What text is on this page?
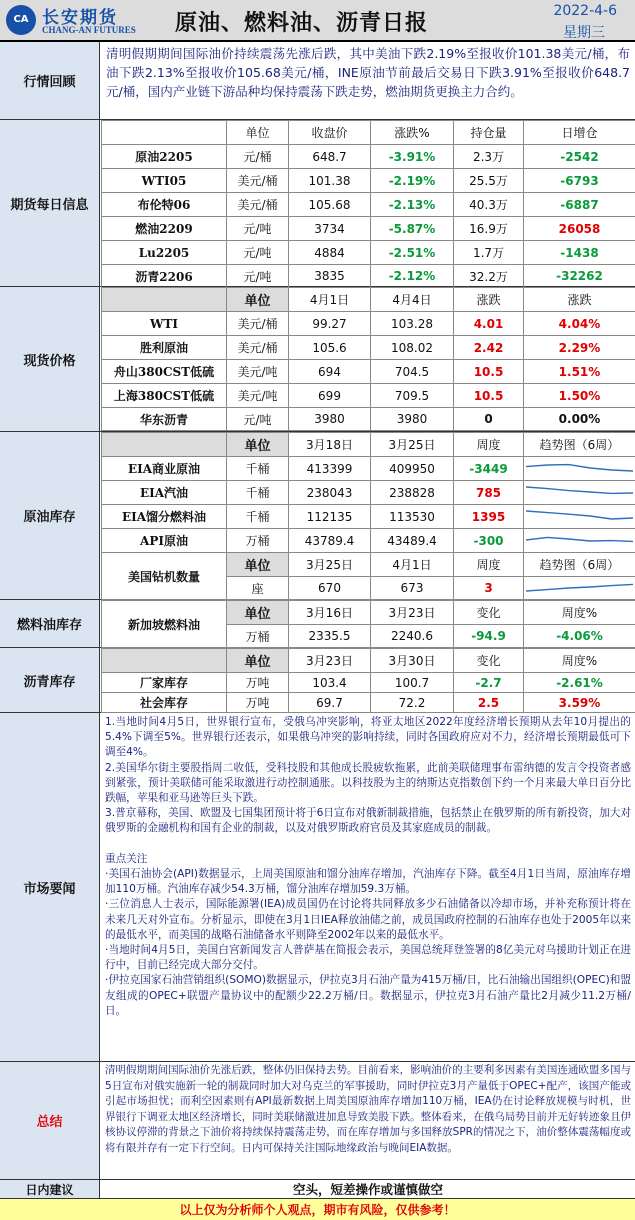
CA 长安期货
CHANG-AN FUTURES 原油、燃料油、沥青日报	2022-4-6
星期三
行情回顾
清明假期期间国际油价持续震荡先涨后跌，其中美油下跌2.19%至报收价101.38美元/桶，布油下跌2.13%至报收价105.68美元/桶，INE原油节前最后交易日下跌3.91%至报收价648.7元/桶，国内产业链下游品种均保持震荡下跌走势，燃油期货更换主力合约。
期货每日信息
	单位	收盘价	涨跌%	持仓量	日增仓
原油2205	元/桶	648.7	-3.91%	2.3万	-2542
WTI05	美元/桶	101.38	-2.19%	25.5万	-6793
布伦特06	美元/桶	105.68	-2.13%	40.3万	-6887
燃油2209	元/吨	3734	-5.87%	16.9万	26058
Lu2205	元/吨	4884	-2.51%	1.7万	-1438
沥青2206	元/吨	3835	-2.12%	32.2万	-32262
现货价格
	单位	4月1日	4月4日	涨跌	涨跌
WTI	美元/桶	99.27	103.28	4.01	4.04%
胜利原油	美元/桶	105.6	108.02	2.42	2.29%
舟山380CST低硫	美元/吨	694	704.5	10.5	1.51%
上海380CST低硫	美元/吨	699	709.5	10.5	1.50%
华东沥青	元/吨	3980	3980	0	0.00%
原油库存
	单位	3月18日	3月25日	周度	趋势图（6周）
EIA商业原油	千桶	413399	409950	-3449	

EIA汽油	千桶	238043	238828	785	

EIA馏分燃料油	千桶	112135	113530	1395	

API原油	万桶	43789.4	43489.4	-300	

美国钻机数量	单位	3月25日	4月1日	周度	趋势图（6周）
	座	670	673	3	
燃料油库存	新加坡燃料油	单位	3月16日	3月23日	变化	周度%
	万桶	2335.5	2240.6	-94.9	-4.06%
沥青库存
	单位	3月23日	3月30日	变化	周度%
厂家库存	万吨	103.4	100.7	-2.7	-2.61%
社会库存	万吨	69.7	72.2	2.5	3.59%
市场要闻

1.当地时间4月5日，世界银行宣布，受俄乌冲突影响，将亚太地区2022年度经济增长预期从去年10月提出的5.4%下调至5%。世界银行还表示，如果俄乌冲突的影响持续，同时各国政府应对不力，经济增长预期最低可下调至4%。

2.美国华尔街主要股指周二收低，受科技股和其他成长股疲软拖累，此前美联储理事布雷纳德的发言令投资者感到紧张，预计美联储可能采取激进行动控制通胀。以科技股为主的纳斯达克指数创下约一个月来最大单日百分比跌幅，苹果和亚马逊等巨头下跌。

3.普京幕称，美国、欧盟及七国集团预计将于6日宣布对俄新制裁措施，包括禁止在俄罗斯的所有新投资，加大对俄罗斯的金融机构和国有企业的制裁，以及对俄罗斯政府官员及其家庭成员的制裁。

重点关注

·美国石油协会(API)数据显示，上周美国原油和馏分油库存增加，汽油库存下降。截至4月1日当周，原油库存增加110万桶。汽油库存减少54.3万桶，馏分油库存增加59.3万桶。

·三位消息人士表示，国际能源署(IEA)成员国仍在讨论将共同释放多少石油储备以冷却市场，并补充称预计将在未来几天对外宣布。分析显示，即使在3月1日IEA释放油储之前，成员国政府控制的石油库存也处于2005年以来的最低水平，而美国的战略石油储备水平则降至2002年以来的最低水平。

·当地时间4月5日，美国白宫新闻发言人普萨基在简报会表示，美国总统拜登签署的8亿美元对乌援助计划正在进行中，目前已经完成大部分交付。

·伊拉克国家石油营销组织(SOMO)数据显示，伊拉克3月石油产量为415万桶/日，比石油输出国组织(OPEC)和盟友组成的OPEC+联盟产量协议中的配额少22.2万桶/日。数据显示，伊拉克3月石油产量比2月减少11.2万桶/日。

总结
清明假期期间国际油价先涨后跌，整体仍旧保持去势。目前看来，影响油价的主要利多因素有美国连通欧盟多国与5日宣布对俄实施新一轮的制裁同时加大对乌克兰的军事援助，同时伊拉克3月产量低于OPEC+配产，该国产能或引起市场担忧；而利空因素则有API最新数据上周美国原油库存增加110万桶，IEA仍在讨论释放规模与时机，世界银行下调亚太地区经济增长，同时美联储激进加息导致美股下跌。整体看来，在俄乌局势目前并无好转迹象且伊核协议停滞的背景之下油价将持续保持震荡走势，而在库存增加与多国释放SPR的情况之下，油价整体震荡幅度或将有限并存有一定下行空间。日内可保持关注国际地缘政治与晚间EIA数据。
日内建议	空头，短差操作或谨慎做空
以上仅为分析师个人观点，期市有风险，仅供参考！
